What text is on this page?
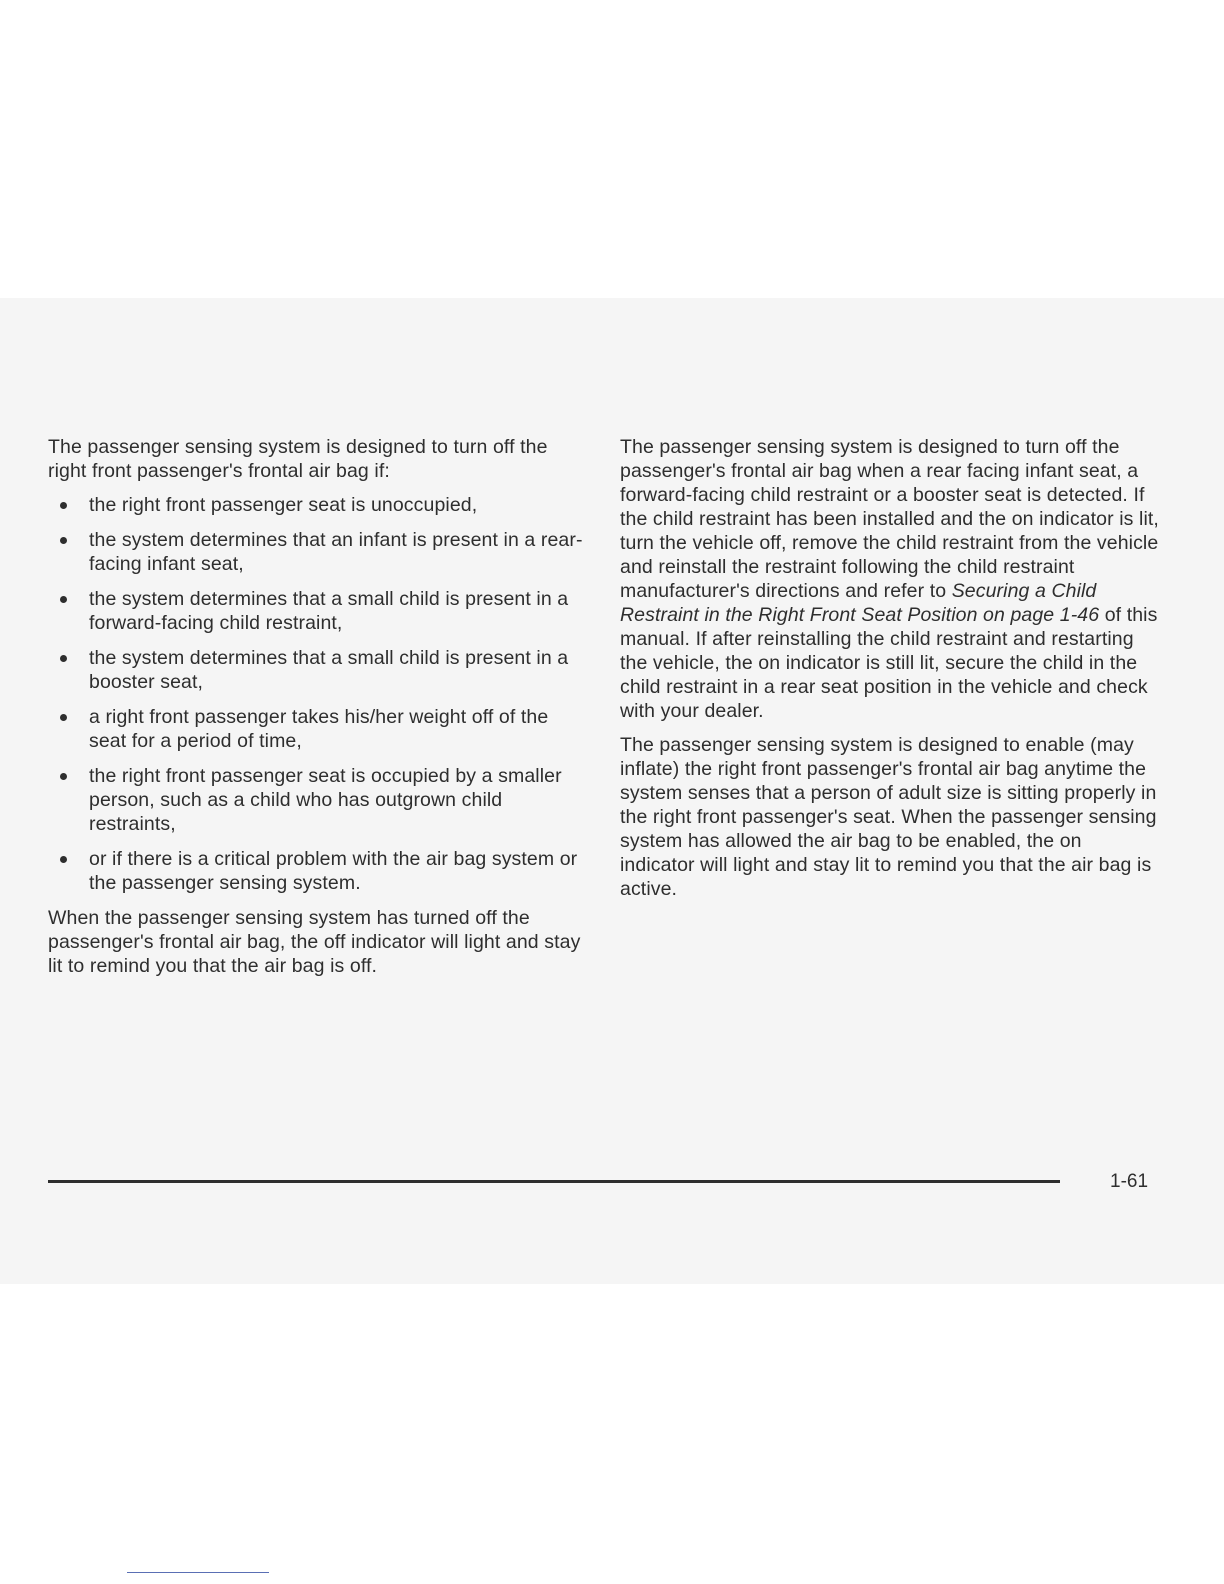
The passenger sensing system is designed to turn off the right front passenger's frontal air bag if:

the right front passenger seat is unoccupied,
the system determines that an infant is present in a rear-facing infant seat,
the system determines that a small child is present in a forward-facing child restraint,
the system determines that a small child is present in a booster seat,
a right front passenger takes his/her weight off of the seat for a period of time,
the right front passenger seat is occupied by a smaller person, such as a child who has outgrown child restraints,
or if there is a critical problem with the air bag system or the passenger sensing system.

When the passenger sensing system has turned off the passenger's frontal air bag, the off indicator will light and stay lit to remind you that the air bag is off.

The passenger sensing system is designed to turn off the passenger's frontal air bag when a rear facing infant seat, a forward-facing child restraint or a booster seat is detected. If the child restraint has been installed and the on indicator is lit, turn the vehicle off, remove the child restraint from the vehicle and reinstall the restraint following the child restraint manufacturer's directions and refer to Securing a Child Restraint in the Right Front Seat Position on page 1-46 of this manual. If after reinstalling the child restraint and restarting the vehicle, the on indicator is still lit, secure the child in the child restraint in a rear seat position in the vehicle and check with your dealer.

The passenger sensing system is designed to enable (may inflate) the right front passenger's frontal air bag anytime the system senses that a person of adult size is sitting properly in the right front passenger's seat. When the passenger sensing system has allowed the air bag to be enabled, the on indicator will light and stay lit to remind you that the air bag is active.

1-61
